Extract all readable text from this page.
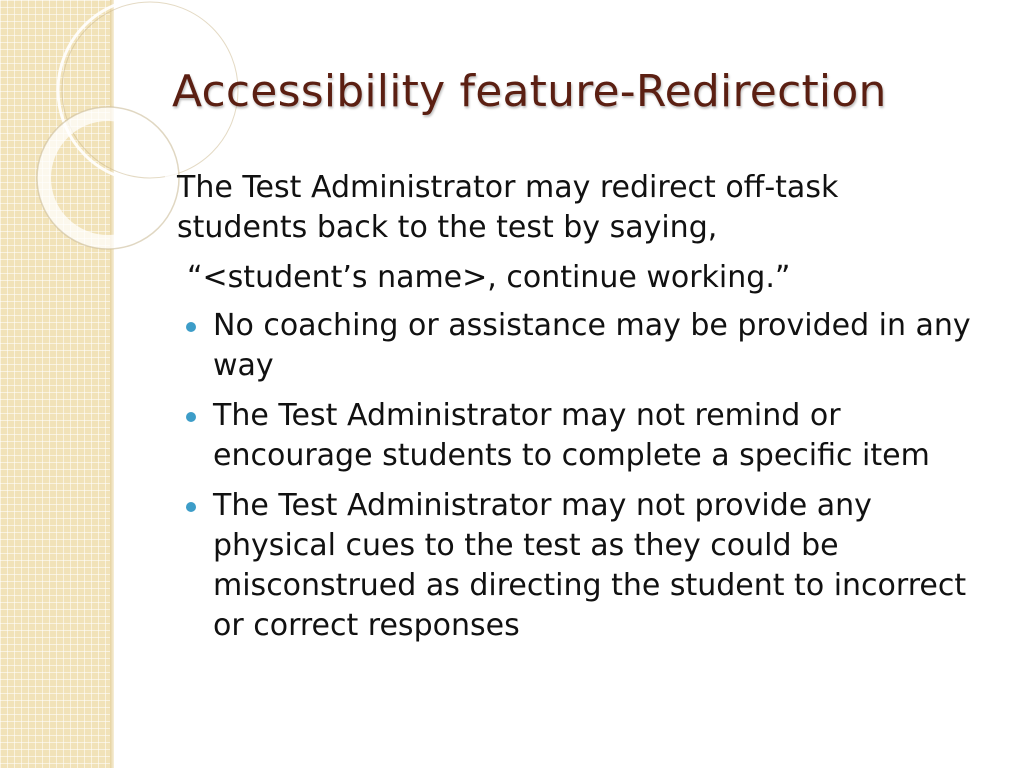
Accessibility feature-Redirection

The Test Administrator may redirect off-task students back to the test by saying,

“<student’s name>, continue working.”

No coaching or assistance may be provided in any way
The Test Administrator may not remind or encourage students to complete a specific item
The Test Administrator may not provide any physical cues to the test as they could be misconstrued as directing the student to incorrect or correct responses
